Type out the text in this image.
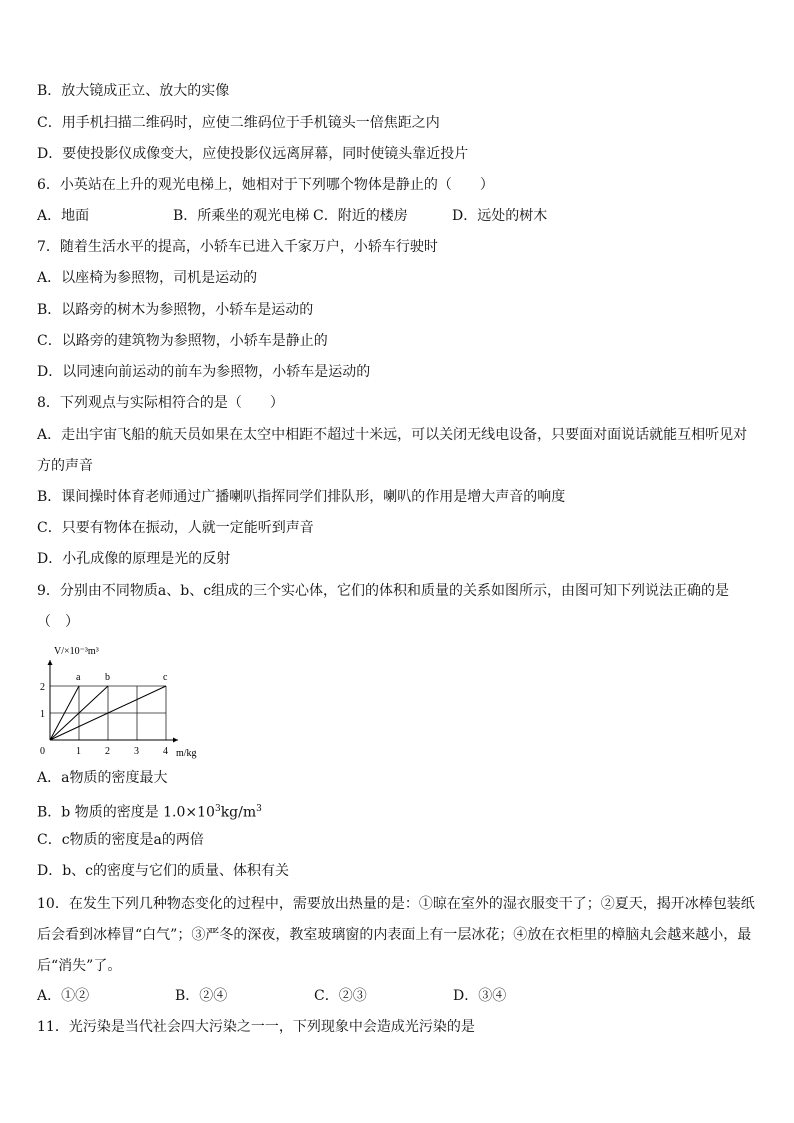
B．放大镜成正立、放大的实像
C．用手机扫描二维码时，应使二维码位于手机镜头一倍焦距之内
D．要使投影仪成像变大，应使投影仪远离屏幕，同时使镜头靠近投片
6．小英站在上升的观光电梯上，她相对于下列哪个物体是静止的（　　）
A．地面	B．所乘坐的观光电梯 C．附近的楼房	D．远处的树木
7．随着生活水平的提高，小轿车已进入千家万户，小轿车行驶时
A．以座椅为参照物，司机是运动的
B．以路旁的树木为参照物，小轿车是运动的
C．以路旁的建筑物为参照物，小轿车是静止的
D．以同速向前运动的前车为参照物，小轿车是运动的
8．下列观点与实际相符合的是（　　）
A．走出宇宙飞船的航天员如果在太空中相距不超过十米远，可以关闭无线电设备，只要面对面说话就能互相听见对方的声音
B．课间操时体育老师通过广播喇叭指挥同学们排队形，喇叭的作用是增大声音的响度
C．只要有物体在振动，人就一定能听到声音
D．小孔成像的原理是光的反射
9．分别由不同物质a、b、c组成的三个实心体，它们的体积和质量的关系如图所示，由图可知下列说法正确的是（　）
a b	c
1 2 3 4
1
2
0
V/×10⁻³m³
m/kg
A．a物质的密度最大
B．b 物质的密度是 $1.0\times 10^3kg/m^3$
C．c物质的密度是a的两倍
D．b、c的密度与它们的质量、体积有关
10．在发生下列几种物态变化的过程中，需要放出热量的是：①晾在室外的湿衣服变干了；②夏天，揭开冰棒包装纸后会看到冰棒冒“白气”；③严冬的深夜，教室玻璃窗的内表面上有一层冰花；④放在衣柜里的樟脑丸会越来越小，最后“消失”了。
A．①②	B．②④	C．②③	D．③④
11．光污染是当代社会四大污染之一一，下列现象中会造成光污染的是
